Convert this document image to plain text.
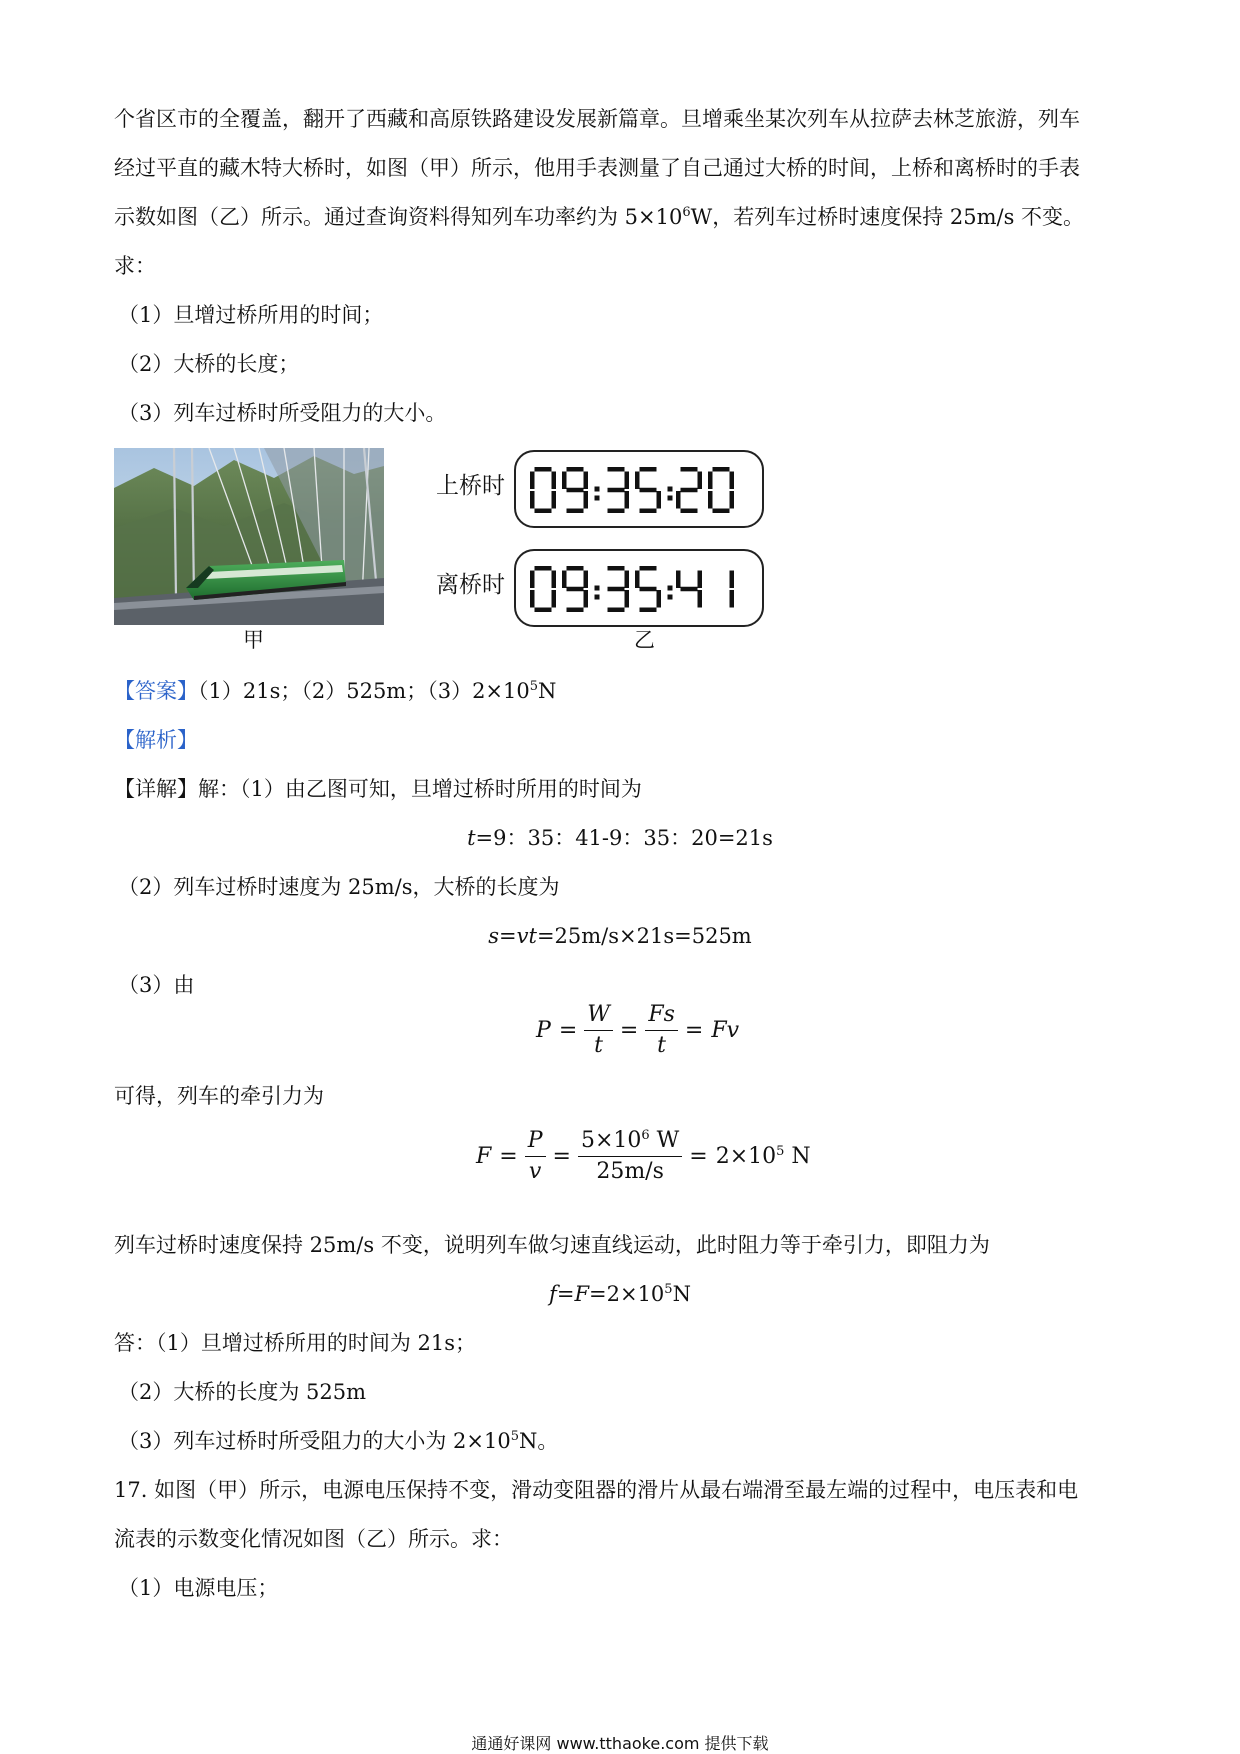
个省区市的全覆盖，翻开了西藏和高原铁路建设发展新篇章。旦增乘坐某次列车从拉萨去林芝旅游，列车
经过平直的藏木特大桥时，如图（甲）所示，他用手表测量了自己通过大桥的时间，上桥和离桥时的手表
示数如图（乙）所示。通过查询资料得知列车功率约为 $5\times 10^6W$，若列车过桥时速度保持 25m/s 不变。
求：
（1）旦增过桥所用的时间；
（2）大桥的长度；
（3）列车过桥时所受阻力的大小。
甲
上桥时
离桥时
乙
【答案】（1）21s；（2）525m；$(3)2\times 10^5N$
【解析】
【详解】解：（1）由乙图可知，旦增过桥时所用的时间为
t=9：35：41-9：35：20=21s
（2）列车过桥时速度为 25m/s，大桥的长度为
s=vt=25m/s×21s=525m
（3）由
$P = \frac{W}{t} = \frac{Fs}{t} = Fv$
可得，列车的牵引力为
$F = \frac{P}{v} = \frac{5\times 10^6 W}{25m/s} = 2\times 10^5$ N
列车过桥时速度保持 25m/s 不变，说明列车做匀速直线运动，此时阻力等于牵引力，即阻力为
$f=F=2\times 10^5N$
答：（1）旦增过桥所用的时间为 21s；
（2）大桥的长度为 525m
（3）列车过桥时所受阻力的大小为 $2\times 10^5N$。
17. 如图（甲）所示，电源电压保持不变，滑动变阻器的滑片从最右端滑至最左端的过程中，电压表和电
流表的示数变化情况如图（乙）所示。求：
（1）电源电压；
通通好课网 www.tthaoke.com 提供下载
